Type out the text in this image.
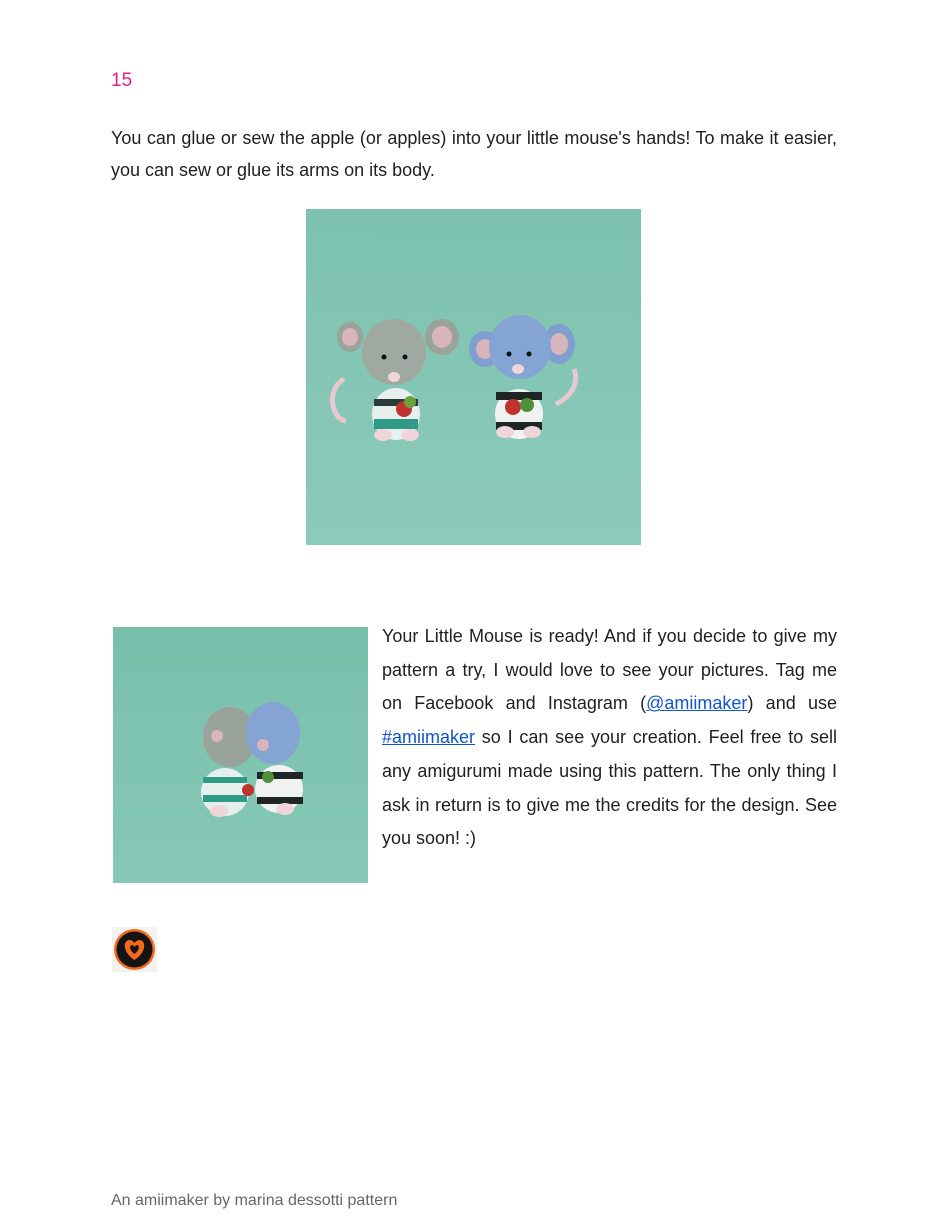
15

You can glue or sew the apple (or apples) into your little mouse's hands! To make it easier, you can sew or glue its arms on its body.

Your Little Mouse is ready! And if you decide to give my pattern a try, I would love to see your pictures. Tag me on Facebook and Instagram (@amiimaker) and use #amiimaker so I can see your creation. Feel free to sell any amigurumi made using this pattern. The only thing I ask in return is to give me the credits for the design. See you soon! :)

An amiimaker by marina dessotti pattern
